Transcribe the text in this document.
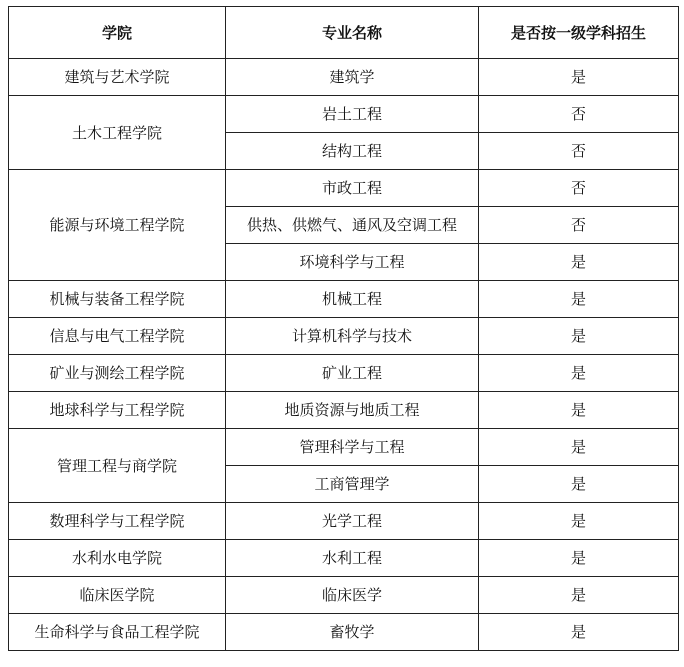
学院	专业名称	是否按一级学科招生
建筑与艺术学院	建筑学	是
土木工程学院	岩土工程	否
	结构工程	否
能源与环境工程学院	市政工程	否
	供热、供燃气、通风及空调工程	否
	环境科学与工程	是
机械与装备工程学院	机械工程	是
信息与电气工程学院	计算机科学与技术	是
矿业与测绘工程学院	矿业工程	是
地球科学与工程学院	地质资源与地质工程	是
管理工程与商学院	管理科学与工程	是
	工商管理学	是
数理科学与工程学院	光学工程	是
水利水电学院	水利工程	是
临床医学院	临床医学	是
生命科学与食品工程学院	畜牧学	是
